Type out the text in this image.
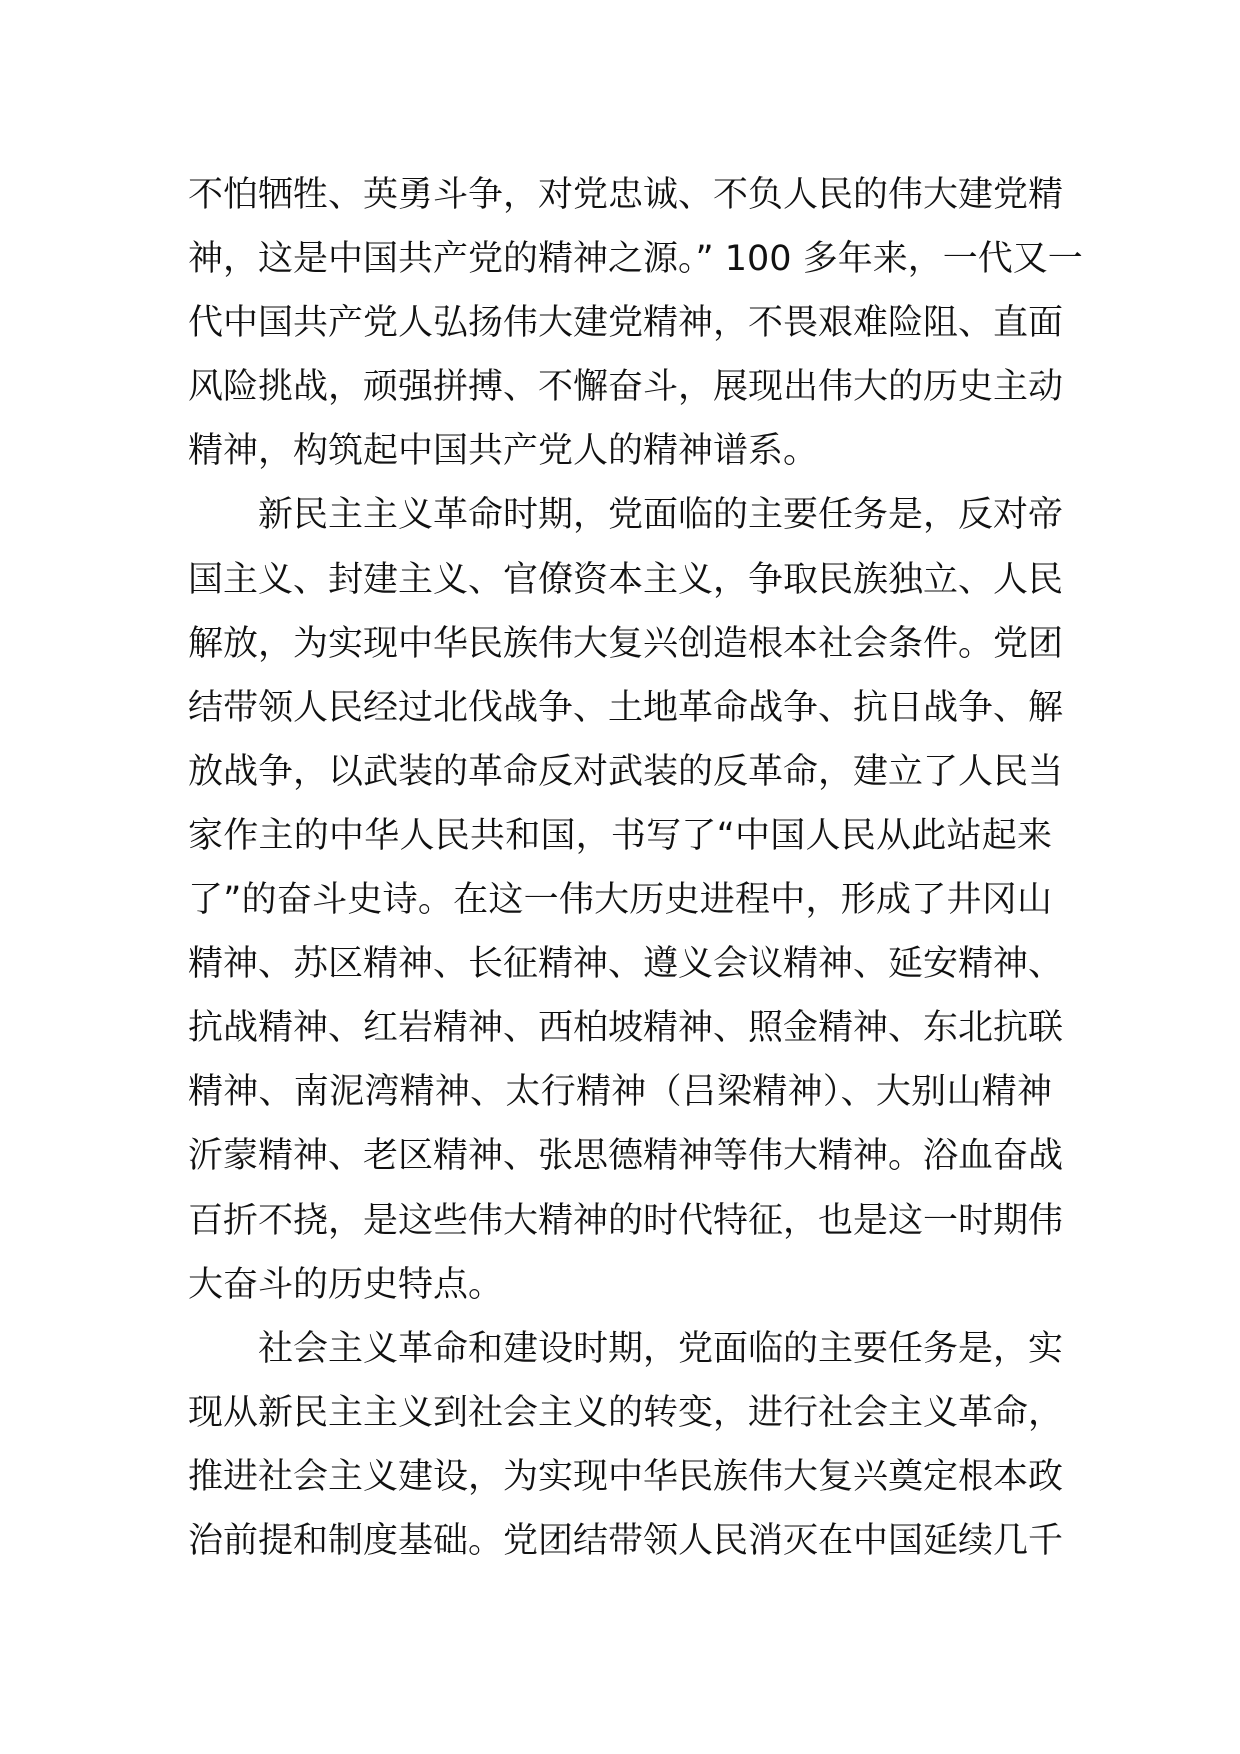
不怕牺牲、英勇斗争，对党忠诚、不负人民的伟大建党精
神，这是中国共产党的精神之源。” 100 多年来，一代又一
代中国共产党人弘扬伟大建党精神，不畏艰难险阻、直面
风险挑战，顽强拼搏、不懈奋斗，展现出伟大的历史主动
精神，构筑起中国共产党人的精神谱系。
新民主主义革命时期，党面临的主要任务是，反对帝
国主义、封建主义、官僚资本主义，争取民族独立、人民
解放，为实现中华民族伟大复兴创造根本社会条件。党团
结带领人民经过北伐战争、土地革命战争、抗日战争、解
放战争，以武装的革命反对武装的反革命，建立了人民当
家作主的中华人民共和国，书写了“中国人民从此站起来
了”的奋斗史诗。在这一伟大历史进程中，形成了井冈山
精神、苏区精神、长征精神、遵义会议精神、延安精神、
抗战精神、红岩精神、西柏坡精神、照金精神、东北抗联
精神、南泥湾精神、太行精神（吕梁精神）、大别山精神
沂蒙精神、老区精神、张思德精神等伟大精神。浴血奋战
百折不挠，是这些伟大精神的时代特征，也是这一时期伟
大奋斗的历史特点。
社会主义革命和建设时期，党面临的主要任务是，实
现从新民主主义到社会主义的转变，进行社会主义革命，
推进社会主义建设，为实现中华民族伟大复兴奠定根本政
治前提和制度基础。党团结带领人民消灭在中国延续几千
